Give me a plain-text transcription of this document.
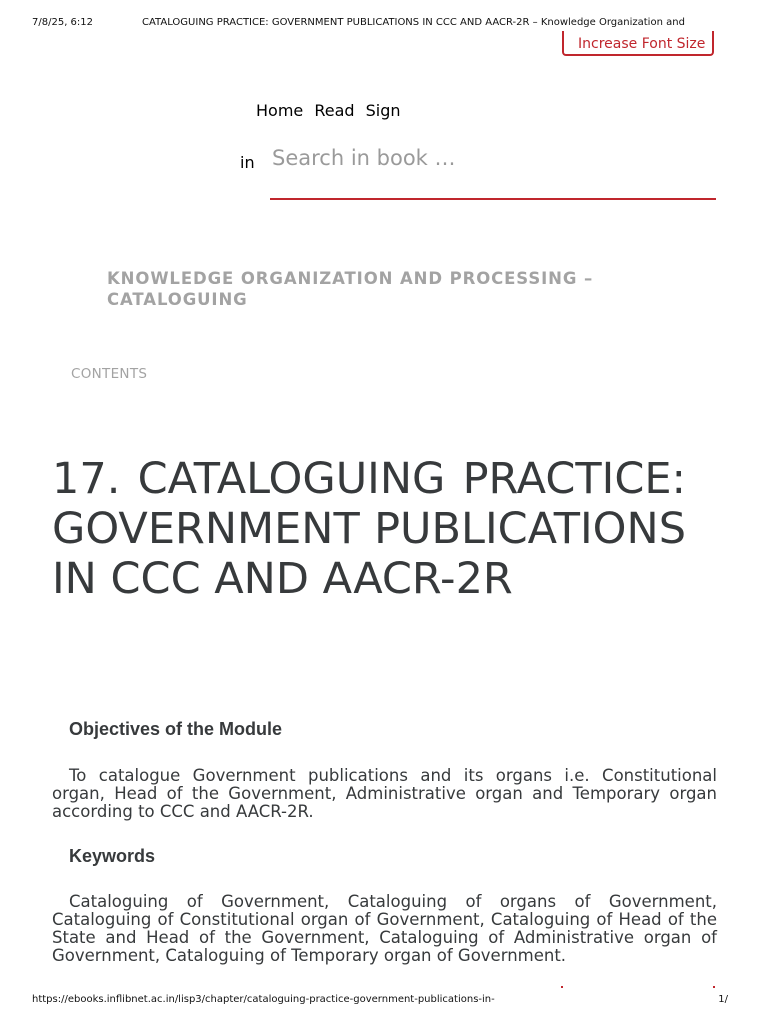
7/8/25, 6:12	CATALOGUING PRACTICE: GOVERNMENT PUBLICATIONS IN CCC AND AACR-2R – Knowledge Organization and
Increase Font Size
Home Read Sign
in
Search in book …
KNOWLEDGE ORGANIZATION AND PROCESSING – CATALOGUING
CONTENTS
17. CATALOGUING PRACTICE: GOVERNMENT PUBLICATIONS IN CCC AND AACR-2R
Objectives of the Module

To catalogue Government publications and its organs i.e. Constitutional organ, Head of the Government, Administrative organ and Temporary organ according to CCC and AACR-2R.

Keywords

Cataloguing of Government, Cataloguing of organs of Government, Cataloguing of Constitutional organ of Government, Cataloguing of Head of the State and Head of the Government, Cataloguing of Administrative organ of Government, Cataloguing of Temporary organ of Government.

https://ebooks.inflibnet.ac.in/lisp3/chapter/cataloguing-practice-government-publications-in-	1/
